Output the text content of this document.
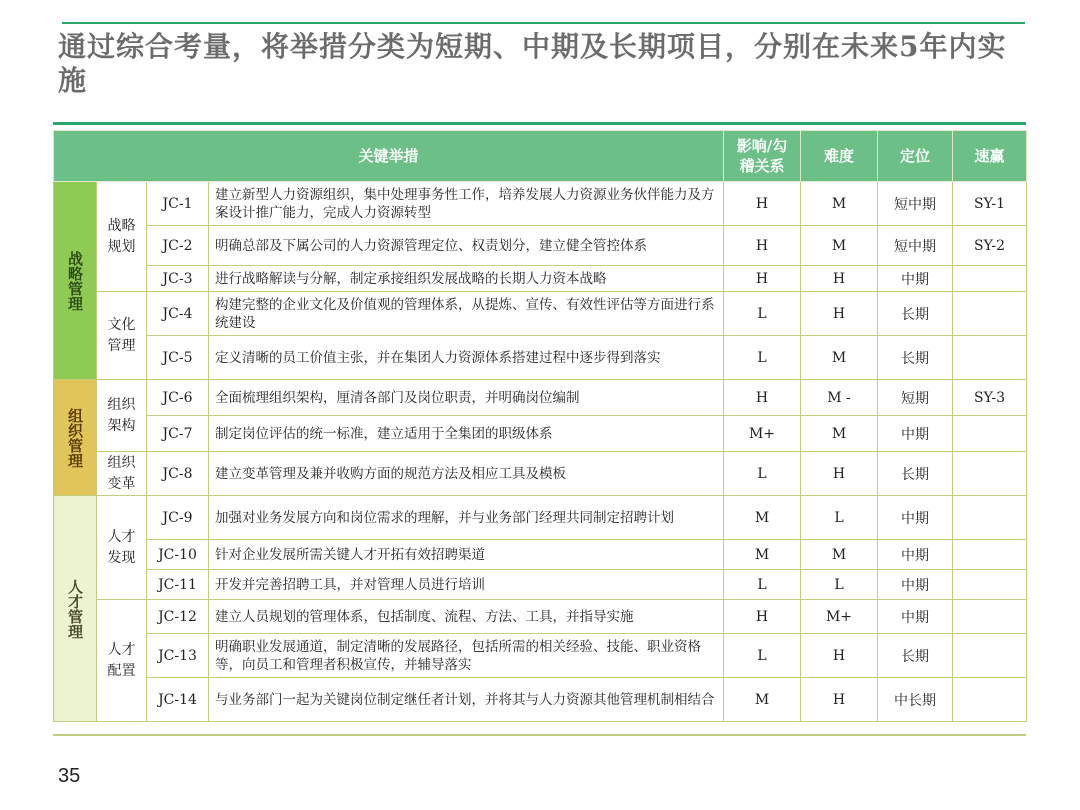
通过综合考量，将举措分类为短期、中期及长期项目，分别在未来5年内实施
关键举措				影响/勾稽关系	难度	定位	速赢
战略管理	战略规划	JC-1	建立新型人力资源组织，集中处理事务性工作，培养发展人力资源业务伙伴能力及方案设计推广能力，完成人力资源转型	H	M	短中期	SY-1
		JC-2	明确总部及下属公司的人力资源管理定位、权责划分，建立健全管控体系	H	M	短中期	SY-2
		JC-3	进行战略解读与分解，制定承接组织发展战略的长期人力资本战略	H	H	中期	
	文化管理	JC-4	构建完整的企业文化及价值观的管理体系，从提炼、宣传、有效性评估等方面进行系统建设	L	H	长期	
		JC-5	定义清晰的员工价值主张，并在集团人力资源体系搭建过程中逐步得到落实	L	M	长期	
组织管理	组织架构	JC-6	全面梳理组织架构，厘清各部门及岗位职责，并明确岗位编制	H	M -	短期	SY-3
		JC-7	制定岗位评估的统一标准，建立适用于全集团的职级体系	M+	M	中期	
	组织变革	JC-8	建立变革管理及兼并收购方面的规范方法及相应工具及模板	L	H	长期	
人才管理	人才发现	JC-9	加强对业务发展方向和岗位需求的理解，并与业务部门经理共同制定招聘计划	M	L	中期	
		JC-10	针对企业发展所需关键人才开拓有效招聘渠道	M	M	中期	
		JC-11	开发并完善招聘工具，并对管理人员进行培训	L	L	中期	
	人才配置	JC-12	建立人员规划的管理体系，包括制度、流程、方法、工具，并指导实施	H	M+	中期	
		JC-13	明确职业发展通道，制定清晰的发展路径，包括所需的相关经验、技能、职业资格等，向员工和管理者积极宣传，并辅导落实	L	H	长期	
		JC-14	与业务部门一起为关键岗位制定继任者计划，并将其与人力资源其他管理机制相结合	M	H	中长期	
35
